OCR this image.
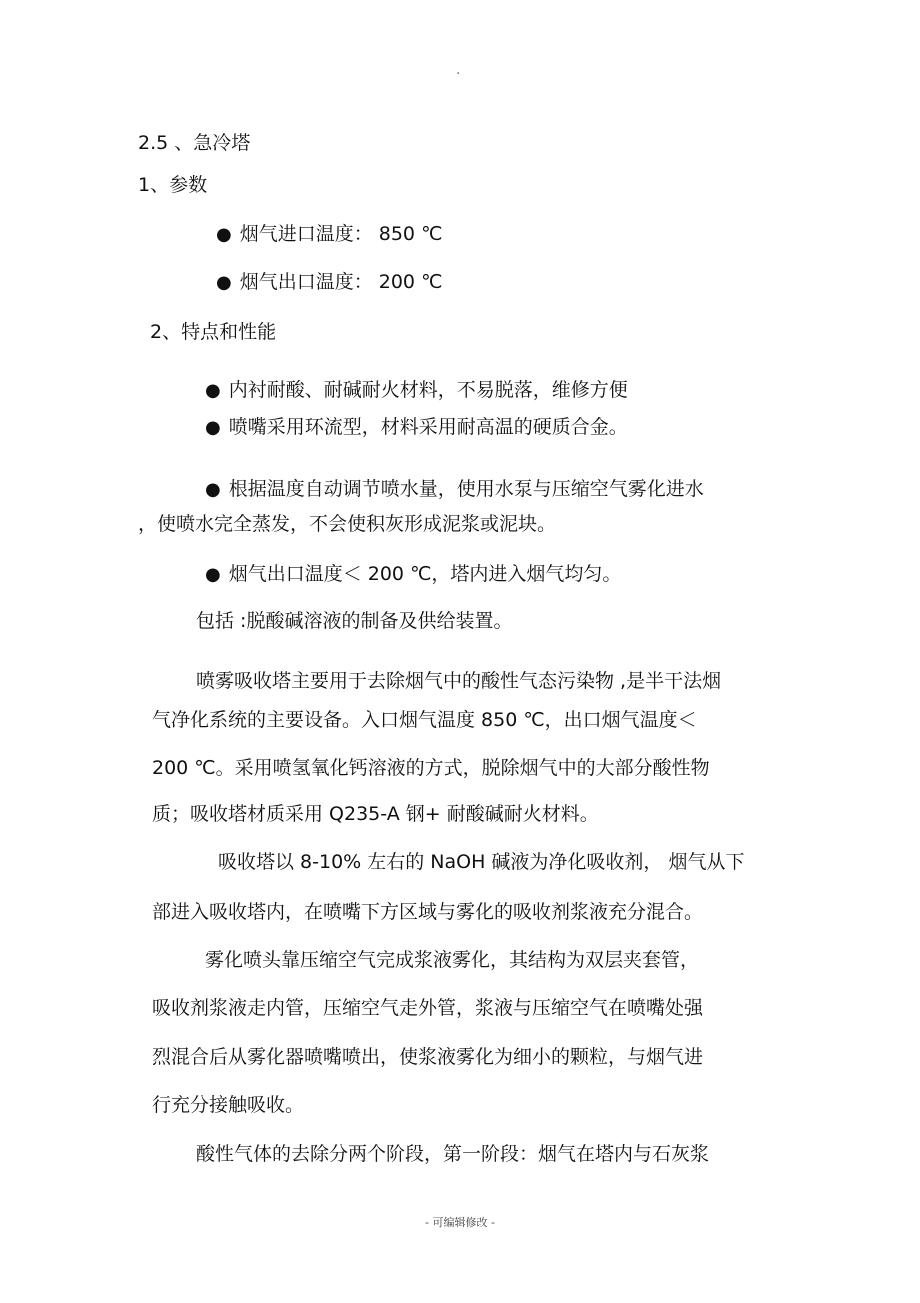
.
2.5 、急冷塔
1、参数
● 烟气进口温度： 850 ℃
● 烟气出口温度： 200 ℃
2、特点和性能
● 内衬耐酸、耐碱耐火材料，不易脱落，维修方便
● 喷嘴采用环流型，材料采用耐高温的硬质合金。
● 根据温度自动调节喷水量，使用水泵与压缩空气雾化进水
，使喷水完全蒸发，不会使积灰形成泥浆或泥块。
● 烟气出口温度＜ 200 ℃，塔内进入烟气均匀。
包括 :脱酸碱溶液的制备及供给装置。
喷雾吸收塔主要用于去除烟气中的酸性气态污染物 ,是半干法烟
气净化系统的主要设备。入口烟气温度 850 ℃，出口烟气温度＜
200 ℃。采用喷氢氧化钙溶液的方式，脱除烟气中的大部分酸性物
质；吸收塔材质采用 Q235-A 钢+ 耐酸碱耐火材料。
吸收塔以 8-10% 左右的 NaOH 碱液为净化吸收剂， 烟气从下
部进入吸收塔内，在喷嘴下方区域与雾化的吸收剂浆液充分混合。
雾化喷头靠压缩空气完成浆液雾化，其结构为双层夹套管，
吸收剂浆液走内管，压缩空气走外管，浆液与压缩空气在喷嘴处强
烈混合后从雾化器喷嘴喷出，使浆液雾化为细小的颗粒，与烟气进
行充分接触吸收。
酸性气体的去除分两个阶段，第一阶段：烟气在塔内与石灰浆
- 可编辑修改 -
